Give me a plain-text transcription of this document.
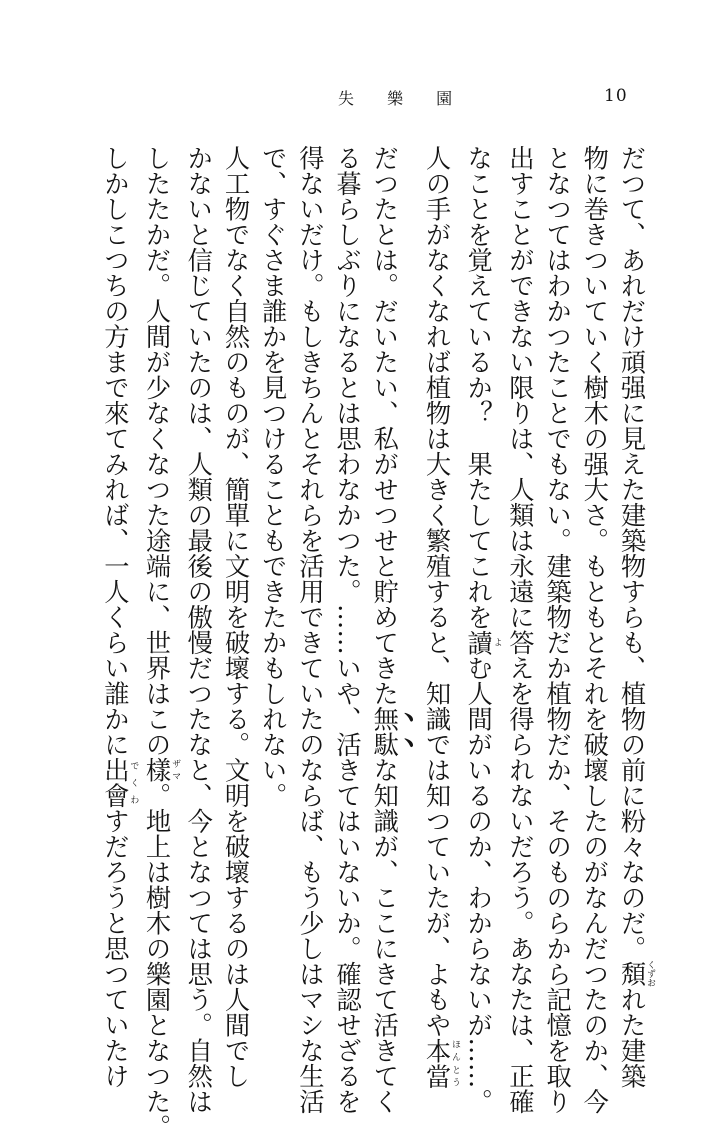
失 樂 園	10
だつて、あれだけ頑强に見えた建築物すらも、植物の前に粉々なのだ。頽くずおれた建築
物に巻きついていく樹木の强大さ。もともとそれを破壞したのがなんだつたのか、今
となつてはわかつたことでもない。建築物だか植物だか、そのものらから記憶を取り
出すことができない限りは、人類は永遠に答えを得られないだろう。あなたは、正確
なことを覚えているか？　果たしてこれを讀よむ人間がいるのか、わからないが……。
人の手がなくなれば植物は大きく繁殖すると、知識では知つていたが、よもや本當ほんとう
だつたとは。だいたい、私がせつせと貯めてきた無駄な知識が、ここにきて活きてく
る暮らしぶりになるとは思わなかつた。……いや、活きてはいないか。確認せざるを
得ないだけ。もしきちんとそれらを活用できていたのならば、もう少しはマシな生活
で、すぐさま誰かを見つけることもできたかもしれない。
人工物でなく自然のものが、簡單に文明を破壞する。文明を破壞するのは人間でし
かないと信じていたのは、人類の最後の傲慢だつたなと、今となつては思う。自然は
したたかだ。人間が少なくなつた途端に、世界はこの樣ザマ。地上は樹木の樂園となつた。
しかしこつちの方まで來てみれば、一人くらい誰かに出會でくわすだろうと思つていたけ
